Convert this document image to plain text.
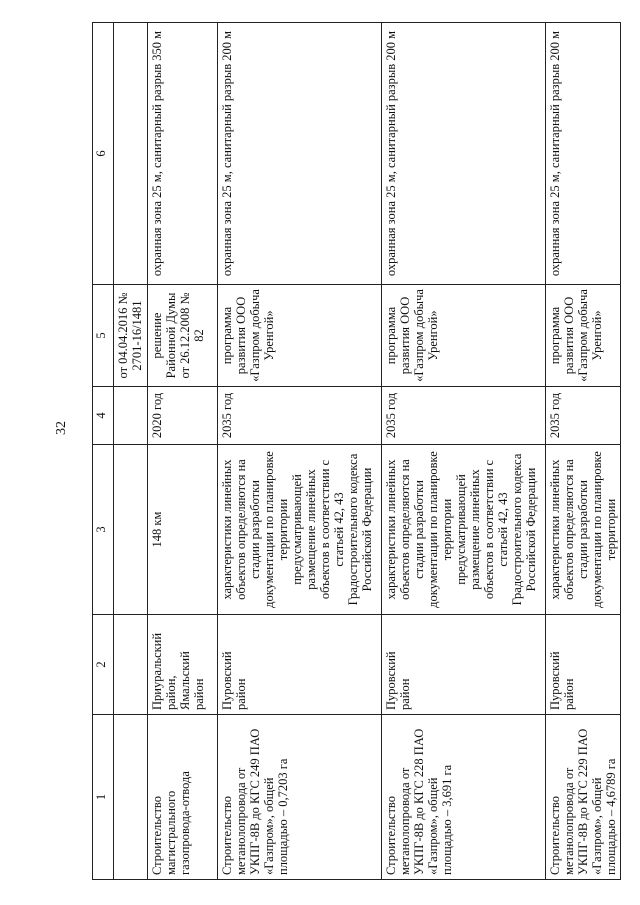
32
1	2	3	4	5	6
				от 04.04.2016 № 2701-16/1481	
Строительство магистрального газопровода-отвода	Приуральский район, Ямальский район	148 км	2020 год	решение Районной Думы от 26.12.2008 № 82	охранная зона 25 м, санитарный разрыв 350 м
Строительство метанолопровода от УКПГ-8В до КГС 249 ПАО «Газпром», общей площадью – 0,7203 га	Пуровский район	характеристики линейных объектов определяются на стадии разработки документации по планировке территории предусматривающей размещение линейных объектов в соответствии с статьей 42, 43 Градостроительного кодекса Российской Федерации	2035 год	программа развития ООО «Газпром добыча Уренгой»	охранная зона 25 м, санитарный разрыв 200 м
Строительство метанолопровода от УКПГ-8В до КГС 228 ПАО «Газпром», общей площадью – 3,691 га	Пуровский район	характеристики линейных объектов определяются на стадии разработки документации по планировке территории предусматривающей размещение линейных объектов в соответствии с статьей 42, 43 Градостроительного кодекса Российской Федерации	2035 год	программа развития ООО «Газпром добыча Уренгой»	охранная зона 25 м, санитарный разрыв 200 м
Строительство метанолопровода от УКПГ-8В до КГС 229 ПАО «Газпром», общей площадью – 4,6789 га	Пуровский район	характеристики линейных объектов определяются на стадии разработки документации по планировке территории	2035 год	программа развития ООО «Газпром добыча Уренгой»	охранная зона 25 м, санитарный разрыв 200 м
